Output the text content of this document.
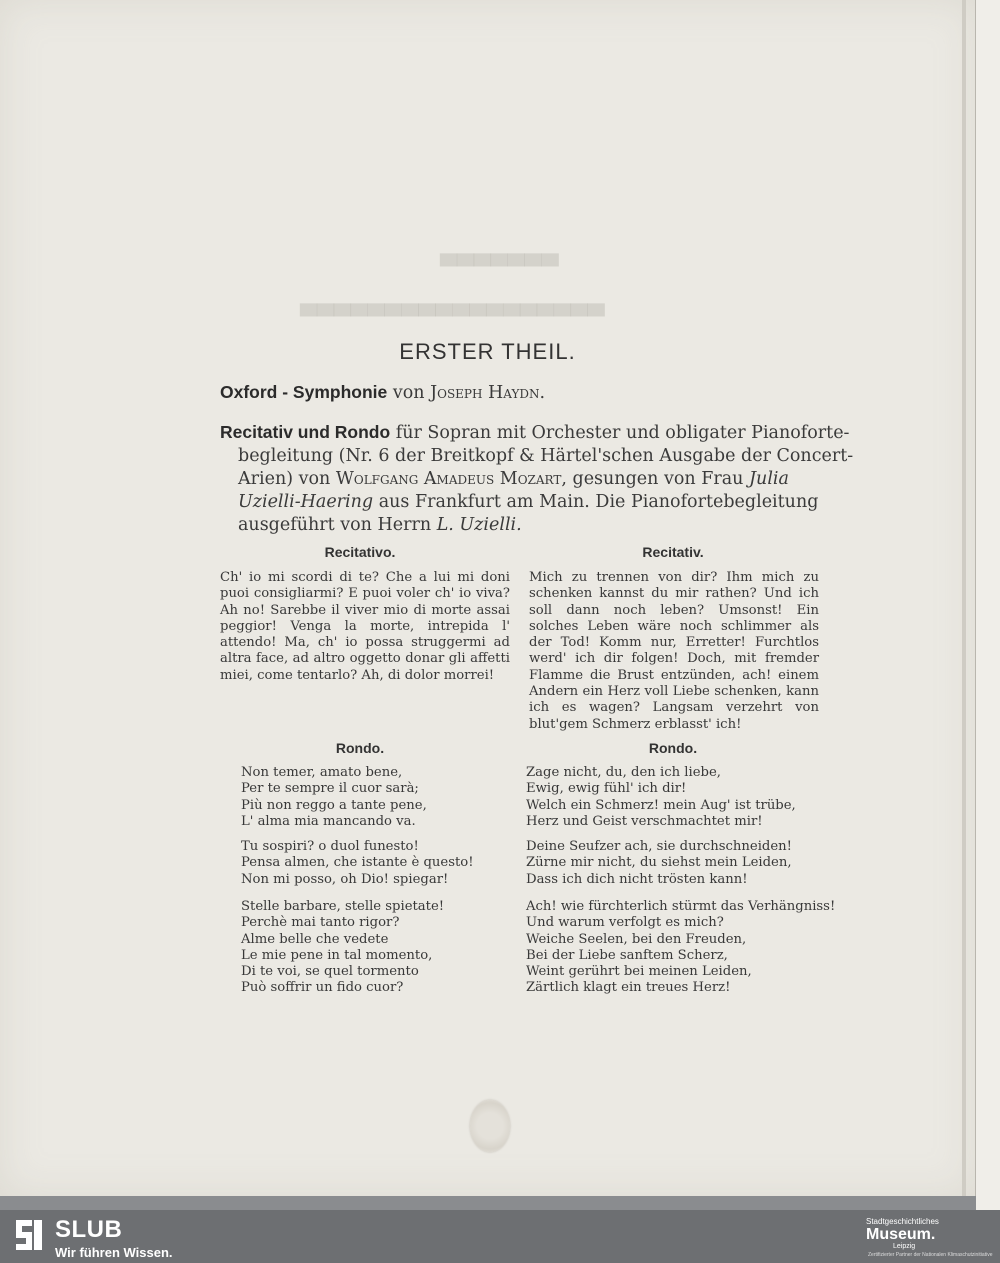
▀▀▀▀▀▀▀
▀▀▀▀▀▀▀▀▀▀▀▀▀▀▀▀▀▀
ERSTER THEIL.
Oxford - Symphonie von Joseph Haydn.
Recitativ und Rondo für Sopran mit Orchester und obligater Pianoforte-
begleitung (Nr. 6 der Breitkopf & Härtel'schen Ausgabe der Concert-
Arien) von Wolfgang Amadeus Mozart, gesungen von Frau Julia
Uzielli-Haering aus Frankfurt am Main. Die Pianofortebegleitung
ausgeführt von Herrn L. Uzielli.
Recitativo.	Recitativ.
Ch' io mi scordi di te? Che a lui mi doni puoi consigliarmi? E puoi voler ch' io viva? Ah no! Sarebbe il viver mio di morte assai peggior! Venga la morte, intrepida l' attendo! Ma, ch' io possa struggermi ad altra face, ad altro oggetto donar gli affetti miei, come tentarlo? Ah, di dolor morrei!
Mich zu trennen von dir? Ihm mich zu schenken kannst du mir rathen? Und ich soll dann noch leben? Umsonst! Ein solches Leben wäre noch schlimmer als der Tod! Komm nur, Erretter! Furchtlos werd' ich dir folgen! Doch, mit fremder Flamme die Brust entzünden, ach! einem Andern ein Herz voll Liebe schenken, kann ich es wagen? Langsam verzehrt von blut'gem Schmerz erblasst' ich!
Rondo.	Rondo.
Non temer, amato bene,
Per te sempre il cuor sarà;
Più non reggo a tante pene,
L' alma mia mancando va.
Tu sospiri? o duol funesto!
Pensa almen, che istante è questo!
Non mi posso, oh Dio! spiegar!
Stelle barbare, stelle spietate!
Perchè mai tanto rigor?
Alme belle che vedete
Le mie pene in tal momento,
Di te voi, se quel tormento
Può soffrir un fido cuor?
Zage nicht, du, den ich liebe,
Ewig, ewig fühl' ich dir!
Welch ein Schmerz! mein Aug' ist trübe,
Herz und Geist verschmachtet mir!
Deine Seufzer ach, sie durchschneiden!
Zürne mir nicht, du siehst mein Leiden,
Dass ich dich nicht trösten kann!
Ach! wie fürchterlich stürmt das Verhängniss!
Und warum verfolgt es mich?
Weiche Seelen, bei den Freuden,
Bei der Liebe sanftem Scherz,
Weint gerührt bei meinen Leiden,
Zärtlich klagt ein treues Herz!
SLUB
Wir führen Wissen.
Stadtgeschichtliches
Museum.
Leipzig
Zertifizierter Partner der Nationalen Klimaschutzinitiative
